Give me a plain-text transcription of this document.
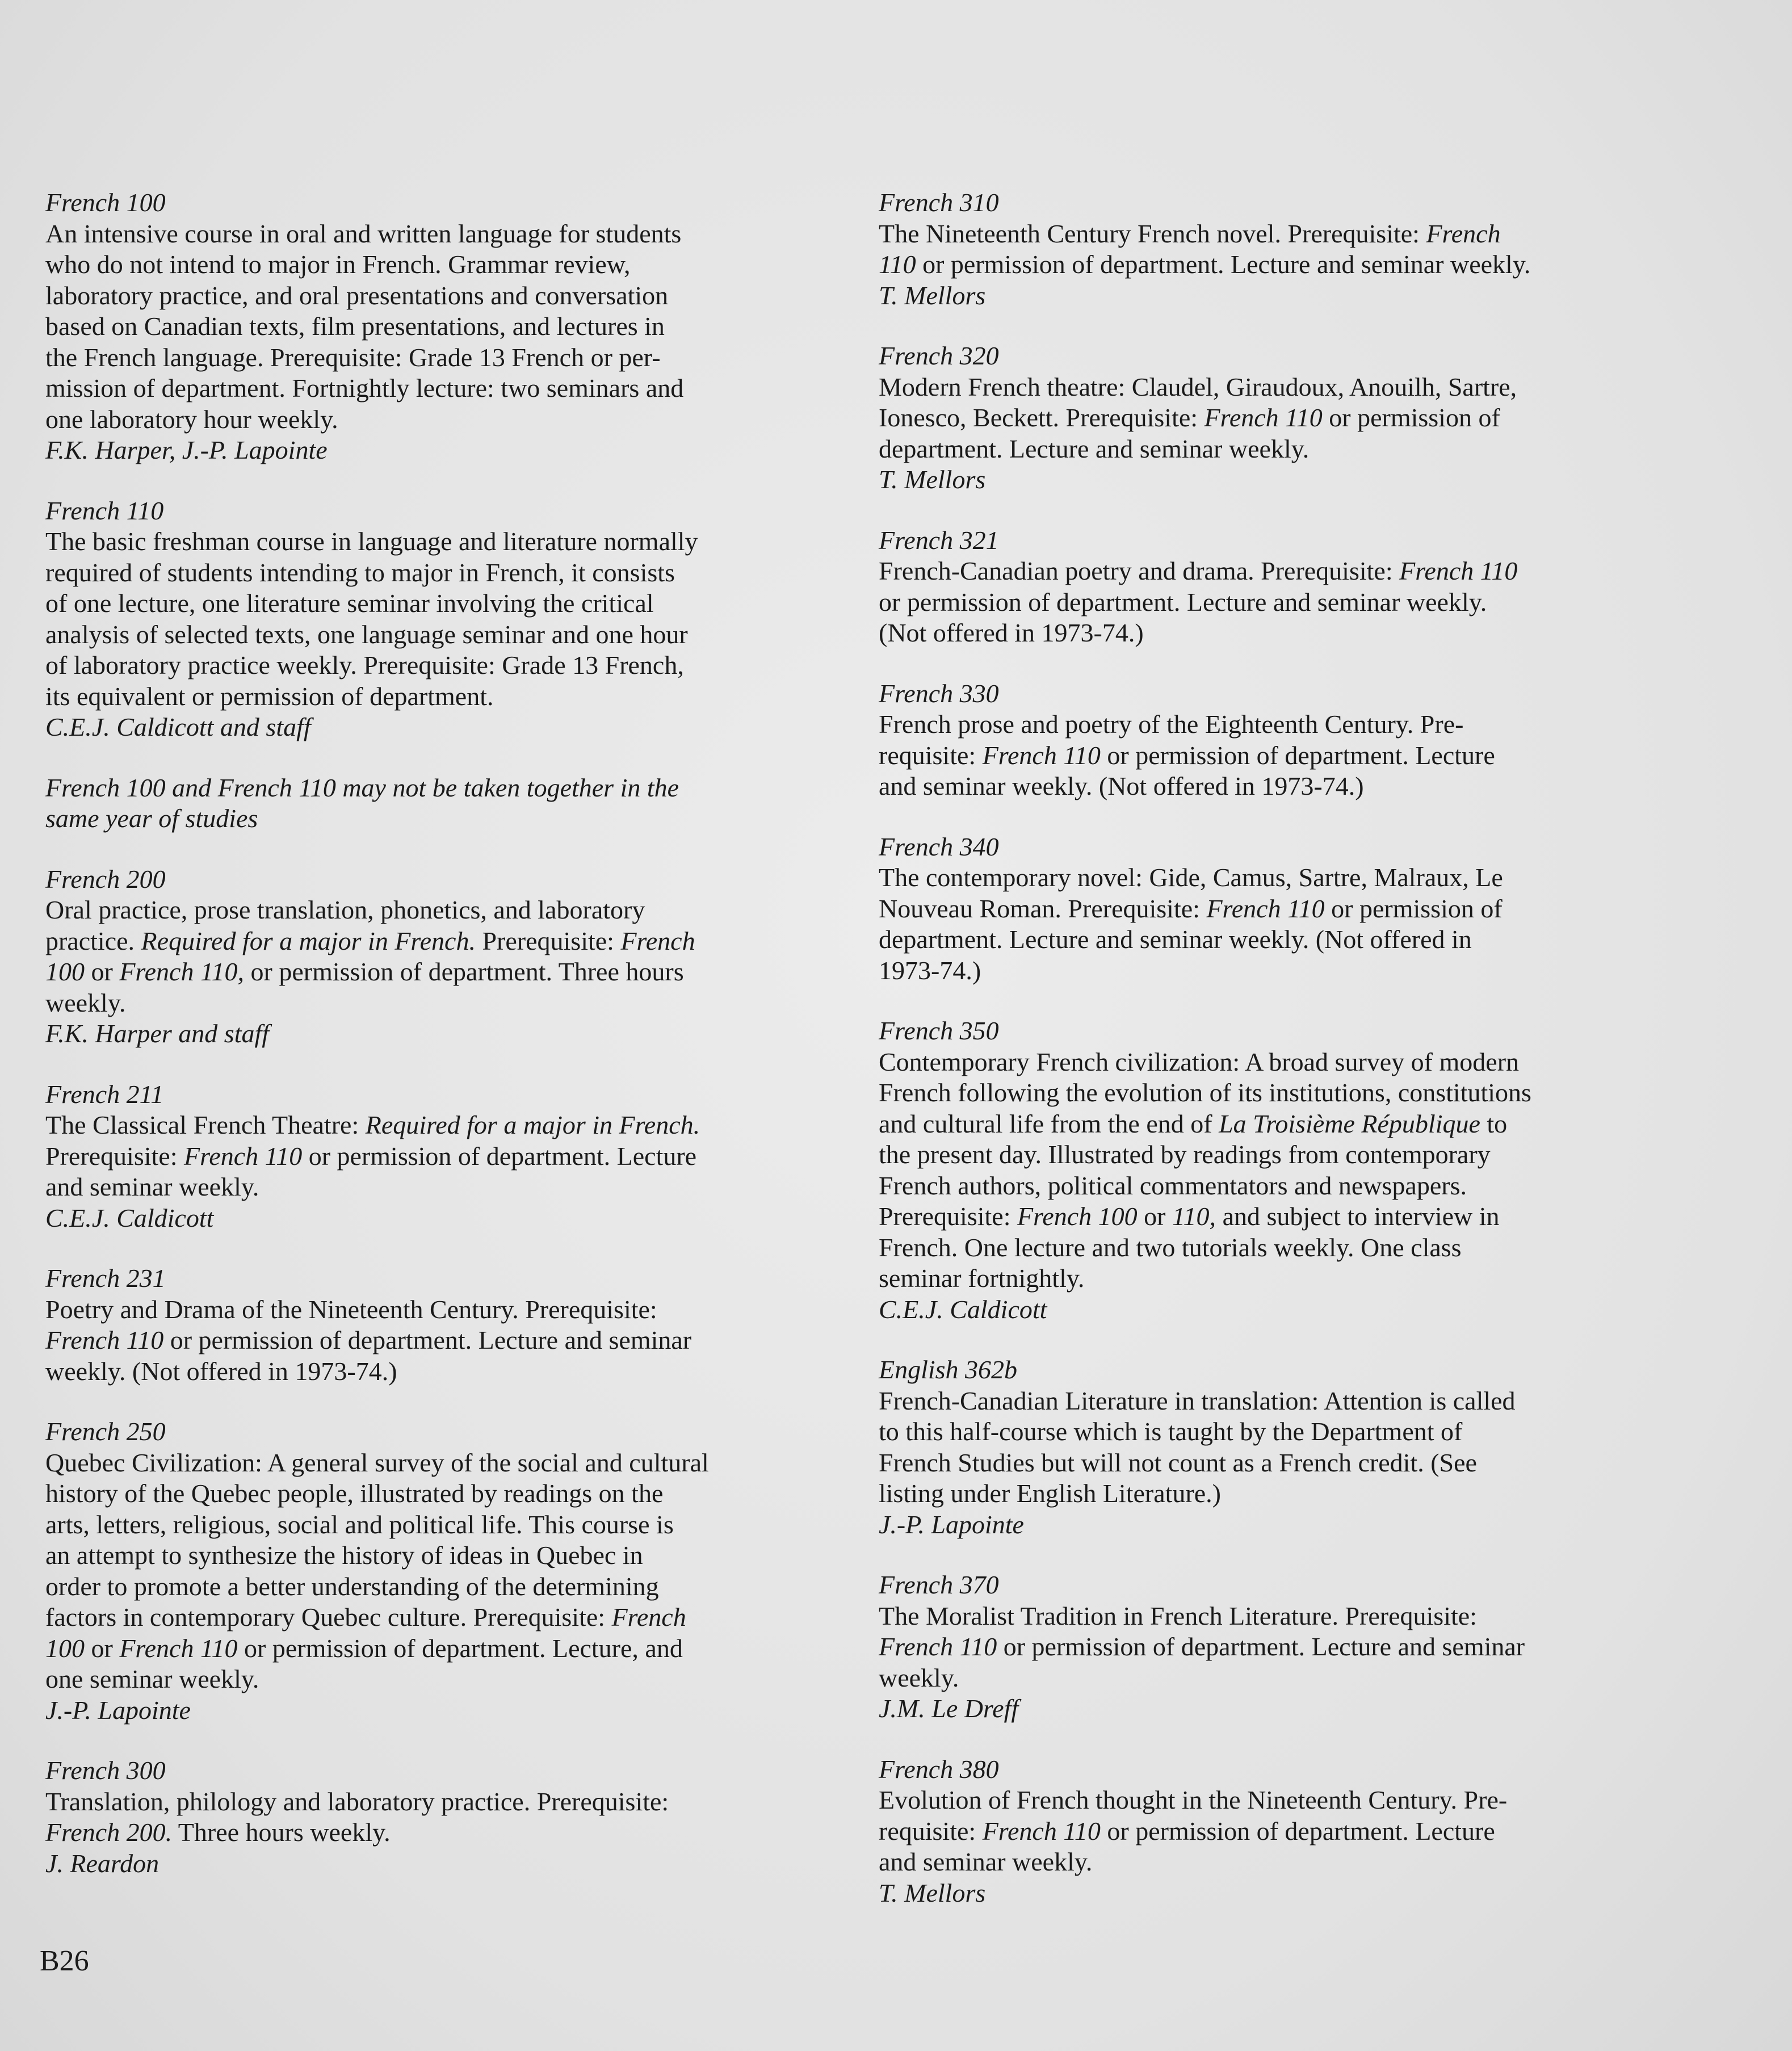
French 100

An intensive course in oral and written language for students

who do not intend to major in French. Grammar review,

laboratory practice, and oral presentations and conversation

based on Canadian texts, film presentations, and lectures in

the French language. Prerequisite: Grade 13 French or per-

mission of department. Fortnightly lecture: two seminars and

one laboratory hour weekly.

F.K. Harper, J.-P. Lapointe

French 110

The basic freshman course in language and literature normally

required of students intending to major in French, it consists

of one lecture, one literature seminar involving the critical

analysis of selected texts, one language seminar and one hour

of laboratory practice weekly. Prerequisite: Grade 13 French,

its equivalent or permission of department.

C.E.J. Caldicott and staff

French 100 and French 110 may not be taken together in the

same year of studies

French 200

Oral practice, prose translation, phonetics, and laboratory

practice. Required for a major in French. Prerequisite: French

100 or French 110, or permission of department. Three hours

weekly.

F.K. Harper and staff

French 211

The Classical French Theatre: Required for a major in French.

Prerequisite: French 110 or permission of department. Lecture

and seminar weekly.

C.E.J. Caldicott

French 231

Poetry and Drama of the Nineteenth Century. Prerequisite:

French 110 or permission of department. Lecture and seminar

weekly. (Not offered in 1973-74.)

French 250

Quebec Civilization: A general survey of the social and cultural

history of the Quebec people, illustrated by readings on the

arts, letters, religious, social and political life. This course is

an attempt to synthesize the history of ideas in Quebec in

order to promote a better understanding of the determining

factors in contemporary Quebec culture. Prerequisite: French

100 or French 110 or permission of department. Lecture, and

one seminar weekly.

J.-P. Lapointe

French 300

Translation, philology and laboratory practice. Prerequisite:

French 200. Three hours weekly.

J. Reardon

French 310

The Nineteenth Century French novel. Prerequisite: French

110 or permission of department. Lecture and seminar weekly.

T. Mellors

French 320

Modern French theatre: Claudel, Giraudoux, Anouilh, Sartre,

Ionesco, Beckett. Prerequisite: French 110 or permission of

department. Lecture and seminar weekly.

T. Mellors

French 321

French-Canadian poetry and drama. Prerequisite: French 110

or permission of department. Lecture and seminar weekly.

(Not offered in 1973-74.)

French 330

French prose and poetry of the Eighteenth Century. Pre-

requisite: French 110 or permission of department. Lecture

and seminar weekly. (Not offered in 1973-74.)

French 340

The contemporary novel: Gide, Camus, Sartre, Malraux, Le

Nouveau Roman. Prerequisite: French 110 or permission of

department. Lecture and seminar weekly. (Not offered in

1973-74.)

French 350

Contemporary French civilization: A broad survey of modern

French following the evolution of its institutions, constitutions

and cultural life from the end of La Troisième République to

the present day. Illustrated by readings from contemporary

French authors, political commentators and newspapers.

Prerequisite: French 100 or 110, and subject to interview in

French. One lecture and two tutorials weekly. One class

seminar fortnightly.

C.E.J. Caldicott

English 362b

French-Canadian Literature in translation: Attention is called

to this half-course which is taught by the Department of

French Studies but will not count as a French credit. (See

listing under English Literature.)

J.-P. Lapointe

French 370

The Moralist Tradition in French Literature. Prerequisite:

French 110 or permission of department. Lecture and seminar

weekly.

J.M. Le Dreff

French 380

Evolution of French thought in the Nineteenth Century. Pre-

requisite: French 110 or permission of department. Lecture

and seminar weekly.

T. Mellors

B26
